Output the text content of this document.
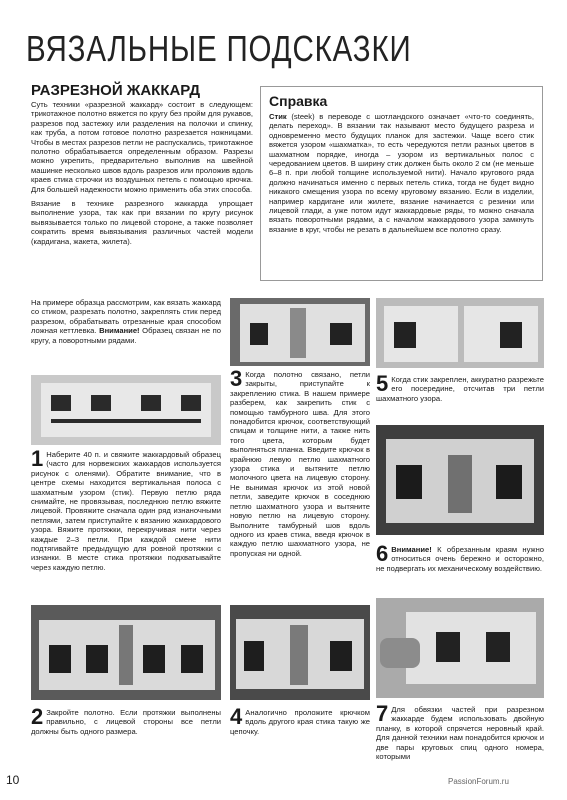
ВЯЗАЛЬНЫЕ ПОДСКАЗКИ
РАЗРЕЗНОЙ ЖАККАРД

Суть техники «разрезной жаккард» состоит в следующем: трикотажное полотно вяжется по кругу без пройм для рукавов, разрезов под застежку или разделения на полочки и спинку, как труба, а потом готовое полотно разрезается ножницами. Чтобы в местах разрезов петли не распускались, трикотажное полотно обрабатывается определенным образом. Разрезы можно укрепить, предварительно выполнив на швейной машинке несколько швов вдоль разрезов или проложив вдоль краев стика строчки из воздушных петель с помощью крючка. Для большей надежности можно применить оба этих способа.

Вязание в технике разрезного жаккарда упрощает выполнение узора, так как при вязании по кругу рисунок вывязывается только по лицевой стороне, а также позволяет сократить время вывязывания различных частей модели (кардигана, жакета, жилета).

Справка

Стик (steek) в переводе с шотландского означает «что-то соединять, делать переход». В вязании так называют место будущего разреза и одновременно место будущих планок для застежки. Чаще всего стик вяжется узором «шахматка», то есть чередуются петли разных цветов в шахматном порядке, иногда – узором из вертикальных полос с чередованием цветов. В ширину стик должен быть около 2 см (не меньше 6–8 п. при любой толщине используемой нити). Начало кругового ряда должно начинаться именно с первых петель стика, тогда не будет видно никакого смещения узора по всему круговому вязанию. Если в изделии, например кардигане или жилете, вязание начинается с резинки или лицевой глади, а уже потом идут жаккардовые ряды, то можно сначала вязать поворотными рядами, а с началом жаккардового узора замкнуть вязание в круг, чтобы не резать в дальнейшем все полотно сразу.

На примере образца рассмотрим, как вязать жаккард со стиком, разрезать полотно, закреплять стик перед разрезом, обрабатывать отрезанные края способом ложная кеттлевка. Внимание! Образец связан не по кругу, а поворотными рядами.

1 Наберите 40 п. и свяжите жаккардовый образец (часто для норвежских жаккардов используется рисунок с оленями). Обратите внимание, что в центре схемы находится вертикальная полоса с шахматным узором (стик). Первую петлю ряда снимайте, не провязывая, последнюю петлю вяжите лицевой. Провяжите сначала один ряд изнаночными петлями, затем приступайте к вязанию жаккардового узора. Вяжите протяжки, перекручивая нити через каждые 2–3 петли. При каждой смене нити подтягивайте предыдущую для ровной протяжки с изнанки. В месте стика протяжки подхватывайте через каждую петлю.
2 Закройте полотно. Если протяжки выполнены правильно, с лицевой стороны все петли должны быть одного размера.
3 Когда полотно связано, петли закрыты, приступайте к закреплению стика. В нашем примере разберем, как закрепить стик с помощью тамбурного шва. Для этого понадобится крючок, соответствующий спицам и толщине нити, а также нить того цвета, которым будет выполняться планка. Введите крючок в крайнюю левую петлю шахматного узора стика и вытяните петлю молочного цвета на лицевую сторону. Не вынимая крючок из этой новой петли, заведите крючок в соседнюю петлю шахматного узора и вытяните новую петлю на лицевую сторону. Выполните тамбурный шов вдоль одного из краев стика, введя крючок в каждую петлю шахматного узора, не пропуская ни одной.
4 Аналогично проложите крючком вдоль другого края стика такую же цепочку.
5 Когда стик закреплен, аккуратно разрежьте его посередине, отсчитав три петли шахматного узора.
6 Внимание! К обрезанным краям нужно относиться очень бережно и осторожно, не подвергать их механическому воздействию.
7 Для обвязки частей при разрезном жаккарде будем использовать двойную планку, в которой спрячется неровный край. Для данной техники нам понадобится крючок и две пары круговых спиц одного номера, которыми
10	PassionForum.ru
